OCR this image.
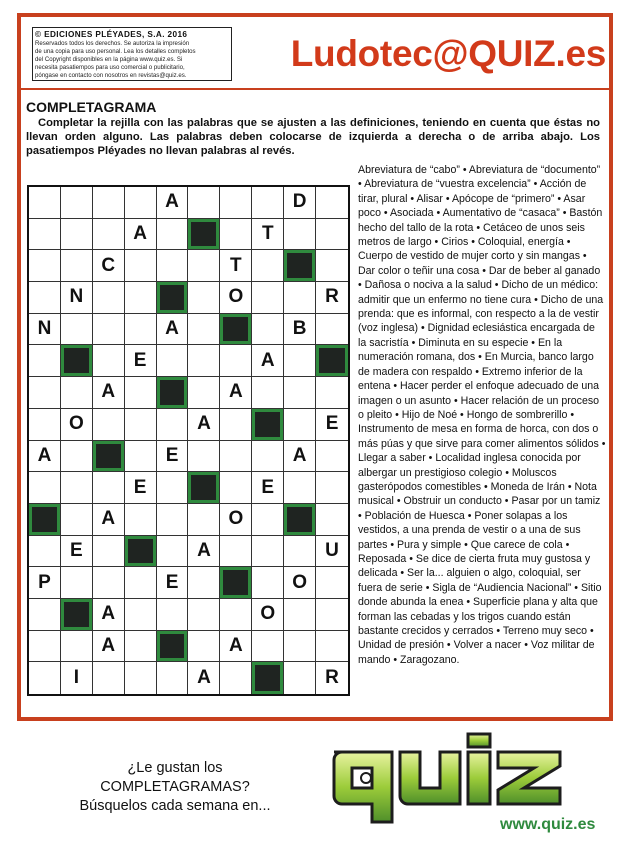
© EDICIONES PLÉYADES, S.A. 2016
Reservados todos los derechos. Se autoriza la impresión
de una copia para uso personal. Lea los detalles completos
del Copyright disponibles en la página www.quiz.es. Si
necesita pasatiempos para uso comercial o publicitario,
póngase en contacto con nosotros en revistas@quiz.es.
Ludotec@QUIZ.es
COMPLETAGRAMA
Completar la rejilla con las palabras que se ajusten a las definiciones, teniendo en cuenta que éstas no llevan orden alguno. Las palabras deben colocarse de izquierda a derecha o de arriba abajo. Los pasatiempos Pléyades no llevan palabras al revés.
A	D
A	T
C	T
N	O	R
N	A	B
E	A
A	A
O	A	E
A	E	A
E	E
A	O
E	A	U
P	E	O
A	O
A	A
I	A	R
Abreviatura de “cabo” • Abreviatura de “documento” • Abreviatura de “vuestra excelencia” • Acción de tirar, plural • Alisar • Apócope de “primero” • Asar poco • Asociada • Aumentativo de “casaca” • Bastón hecho del tallo de la rota • Cetáceo de unos seis metros de largo • Cirios • Coloquial, energía • Cuerpo de vestido de mujer corto y sin mangas • Dar color o teñir una cosa • Dar de beber al ganado • Dañosa o nociva a la salud • Dicho de un médico: admitir que un enfermo no tiene cura • Dicho de una prenda: que es informal, con respecto a la de vestir (voz inglesa) • Dignidad eclesiástica encargada de la sacristía • Diminuta en su especie • En la numeración romana, dos • En Murcia, banco largo de madera con respaldo • Extremo inferior de la entena • Hacer perder el enfoque adecuado de una imagen o un asunto • Hacer relación de un proceso o pleito • Hijo de Noé • Hongo de sombrerillo • Instrumento de mesa en forma de horca, con dos o más púas y que sirve para comer alimentos sólidos • Llegar a saber • Localidad inglesa conocida por albergar un prestigioso colegio • Moluscos gasterópodos comestibles • Moneda de Irán • Nota musical • Obstruir un conducto • Pasar por un tamiz • Población de Huesca • Poner solapas a los vestidos, a una prenda de vestir o a una de sus partes • Pura y simple • Que carece de cola • Reposada • Se dice de cierta fruta muy gustosa y delicada • Ser la... alguien o algo, coloquial, ser fuera de serie • Sigla de “Audiencia Nacional” • Sitio donde abunda la enea • Superficie plana y alta que forman las cebadas y los trigos cuando están bastante crecidos y cerrados • Terreno muy seco • Unidad de presión • Volver a nacer • Voz militar de mando • Zaragozano.
¿Le gustan los
COMPLETAGRAMAS?
Búsquelos cada semana en...
www.quiz.es
